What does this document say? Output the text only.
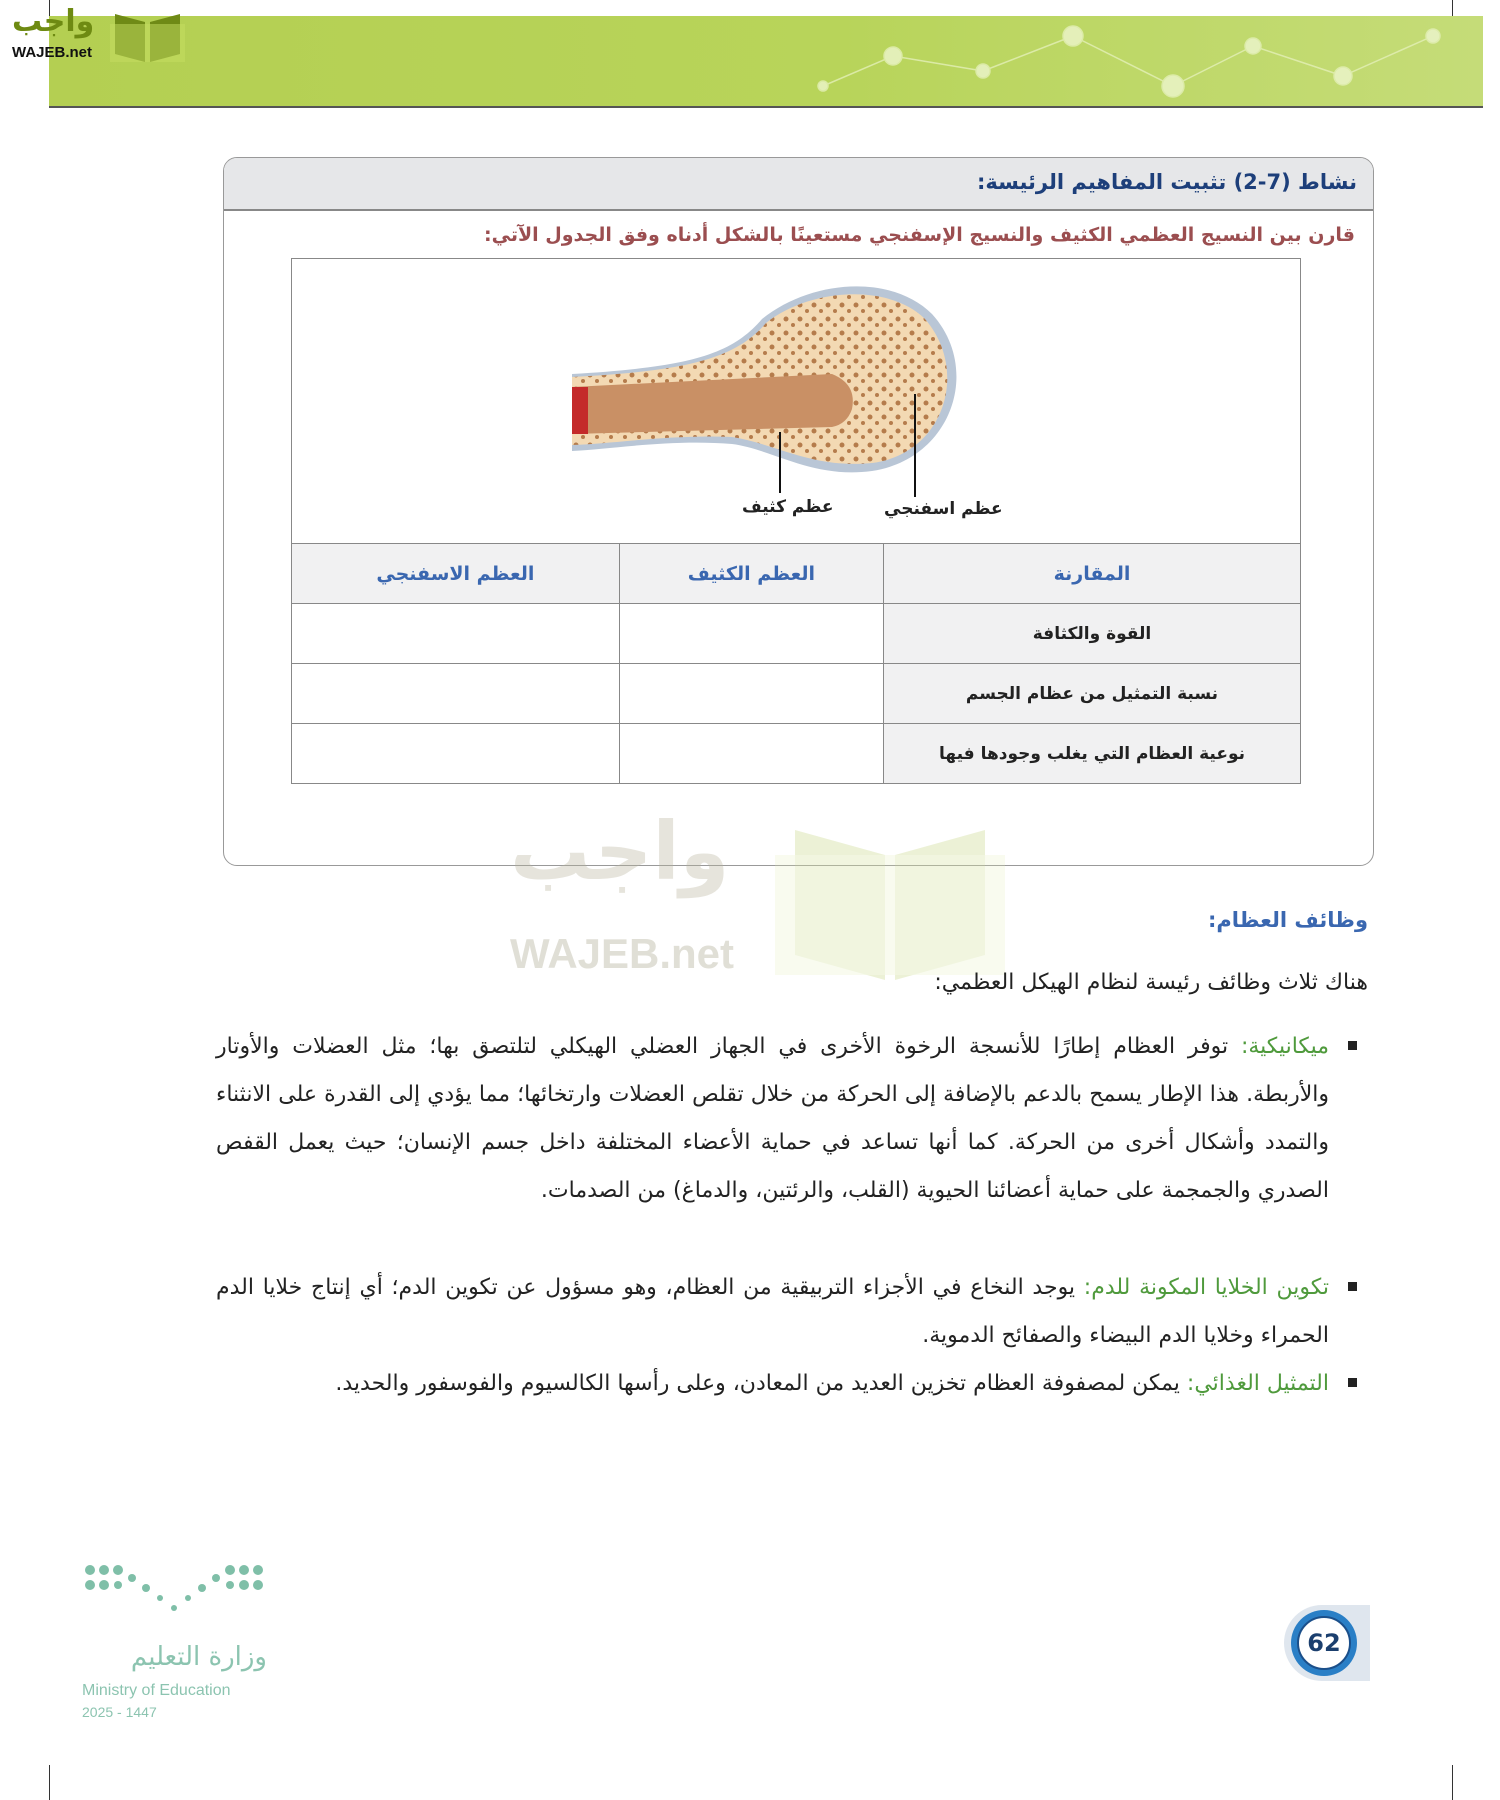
واجب
WAJEB.net
نشاط (7-2) تثبيت المفاهيم الرئيسة:
قارن بين النسيج العظمي الكثيف والنسيج الإسفنجي مستعينًا بالشكل أدناه وفق الجدول الآتي:
عظم كثيف	عظم اسفنجي
المقارنة	العظم الكثيف	العظم الاسفنجي
القوة والكثافة		
نسبة التمثيل من عظام الجسم		
نوعية العظام التي يغلب وجودها فيها		
واجب
WAJEB.net
وظائف العظام:
هناك ثلاث وظائف رئيسة لنظام الهيكل العظمي:
ميكانيكية: توفر العظام إطارًا للأنسجة الرخوة الأخرى في الجهاز العضلي الهيكلي لتلتصق بها؛ مثل العضلات والأوتار والأربطة. هذا الإطار يسمح بالدعم بالإضافة إلى الحركة من خلال تقلص العضلات وارتخائها؛ مما يؤدي إلى القدرة على الانثناء والتمدد وأشكال أخرى من الحركة. كما أنها تساعد في حماية الأعضاء المختلفة داخل جسم الإنسان؛ حيث يعمل القفص الصدري والجمجمة على حماية أعضائنا الحيوية (القلب، والرئتين، والدماغ) من الصدمات.
تكوين الخلايا المكونة للدم: يوجد النخاع في الأجزاء التربيقية من العظام، وهو مسؤول عن تكوين الدم؛ أي إنتاج خلايا الدم الحمراء وخلايا الدم البيضاء والصفائح الدموية.
التمثيل الغذائي: يمكن لمصفوفة العظام تخزين العديد من المعادن، وعلى رأسها الكالسيوم والفوسفور والحديد.
وزارة التعليم
Ministry of Education
2025 - 1447
62
